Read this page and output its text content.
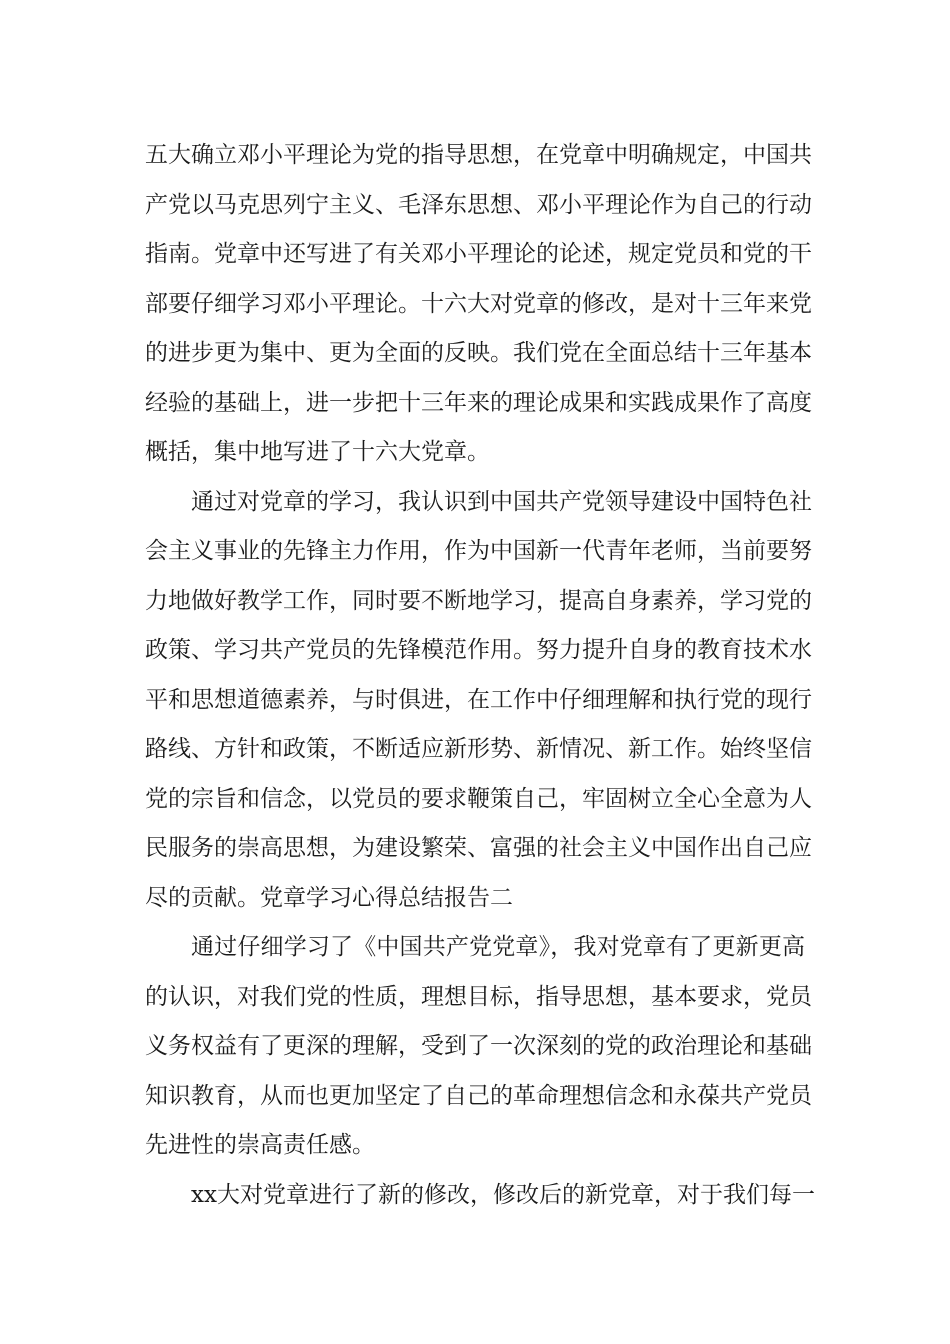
五大确立邓小平理论为党的指导思想，在党章中明确规定，中国共
产党以马克思列宁主义、毛泽东思想、邓小平理论作为自己的行动
指南。党章中还写进了有关邓小平理论的论述，规定党员和党的干
部要仔细学习邓小平理论。十六大对党章的修改，是对十三年来党
的进步更为集中、更为全面的反映。我们党在全面总结十三年基本
经验的基础上，进一步把十三年来的理论成果和实践成果作了高度
概括，集中地写进了十六大党章。
通过对党章的学习，我认识到中国共产党领导建设中国特色社
会主义事业的先锋主力作用，作为中国新一代青年老师，当前要努
力地做好教学工作，同时要不断地学习，提高自身素养，学习党的
政策、学习共产党员的先锋模范作用。努力提升自身的教育技术水
平和思想道德素养，与时俱进，在工作中仔细理解和执行党的现行
路线、方针和政策，不断适应新形势、新情况、新工作。始终坚信
党的宗旨和信念，以党员的要求鞭策自己，牢固树立全心全意为人
民服务的崇高思想，为建设繁荣、富强的社会主义中国作出自己应
尽的贡献。党章学习心得总结报告二
通过仔细学习了《中国共产党党章》，我对党章有了更新更高
的认识，对我们党的性质，理想目标，指导思想，基本要求，党员
义务权益有了更深的理解，受到了一次深刻的党的政治理论和基础
知识教育，从而也更加坚定了自己的革命理想信念和永葆共产党员
先进性的崇高责任感。
xx大对党章进行了新的修改，修改后的新党章，对于我们每一
